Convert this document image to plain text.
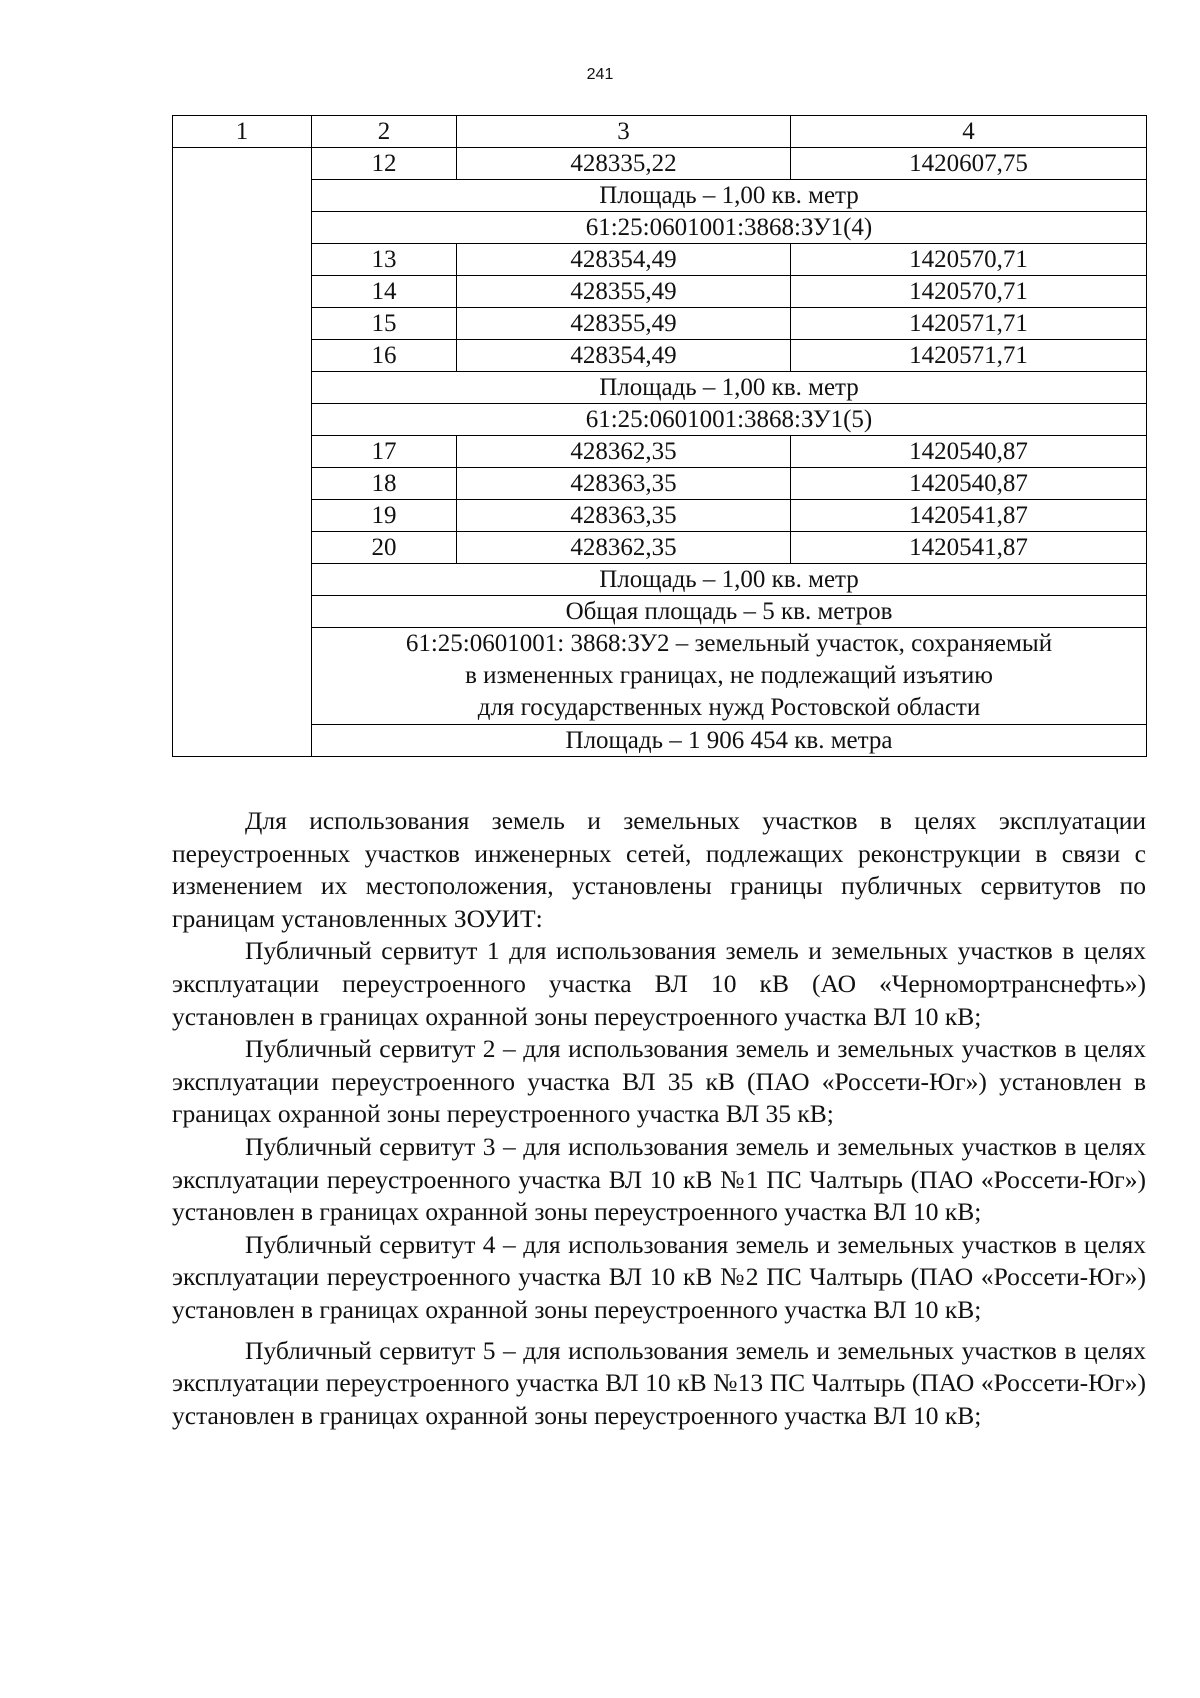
241
1	2	3	4
	12	428335,22	1420607,75
	Площадь – 1,00 кв. метр		
	61:25:0601001:3868:ЗУ1(4)		
	13	428354,49	1420570,71
	14	428355,49	1420570,71
	15	428355,49	1420571,71
	16	428354,49	1420571,71
	Площадь – 1,00 кв. метр		
	61:25:0601001:3868:ЗУ1(5)		
	17	428362,35	1420540,87
	18	428363,35	1420540,87
	19	428363,35	1420541,87
	20	428362,35	1420541,87
	Площадь – 1,00 кв. метр		
	Общая площадь – 5 кв. метров		

	61:25:0601001: 3868:ЗУ2 – земельный участок, сохраняемый
в измененных границах, не подлежащий изъятию
для государственных нужд Ростовской области		

	Площадь – 1 906 454 кв. метра		

Для использования земель и земельных участков в целях эксплуатации переустроенных участков инженерных сетей, подлежащих реконструкции в связи с изменением их местоположения, установлены границы публичных сервитутов по границам установленных ЗОУИТ:

Публичный сервитут 1 для использования земель и земельных участков в целях эксплуатации переустроенного участка ВЛ 10 кВ (АО «Черномортранснефть») установлен в границах охранной зоны переустроенного участка ВЛ 10 кВ;

Публичный сервитут 2 – для использования земель и земельных участков в целях эксплуатации переустроенного участка ВЛ 35 кВ (ПАО «Россети-Юг») установлен в границах охранной зоны переустроенного участка ВЛ 35 кВ;

Публичный сервитут 3 – для использования земель и земельных участков в целях эксплуатации переустроенного участка ВЛ 10 кВ №1 ПС Чалтырь (ПАО «Россети-Юг») установлен в границах охранной зоны переустроенного участка ВЛ 10 кВ;

Публичный сервитут 4 – для использования земель и земельных участков в целях эксплуатации переустроенного участка ВЛ 10 кВ №2 ПС Чалтырь (ПАО «Россети-Юг») установлен в границах охранной зоны переустроенного участка ВЛ 10 кВ;

Публичный сервитут 5 – для использования земель и земельных участков в целях эксплуатации переустроенного участка ВЛ 10 кВ №13 ПС Чалтырь (ПАО «Россети-Юг») установлен в границах охранной зоны переустроенного участка ВЛ 10 кВ;
